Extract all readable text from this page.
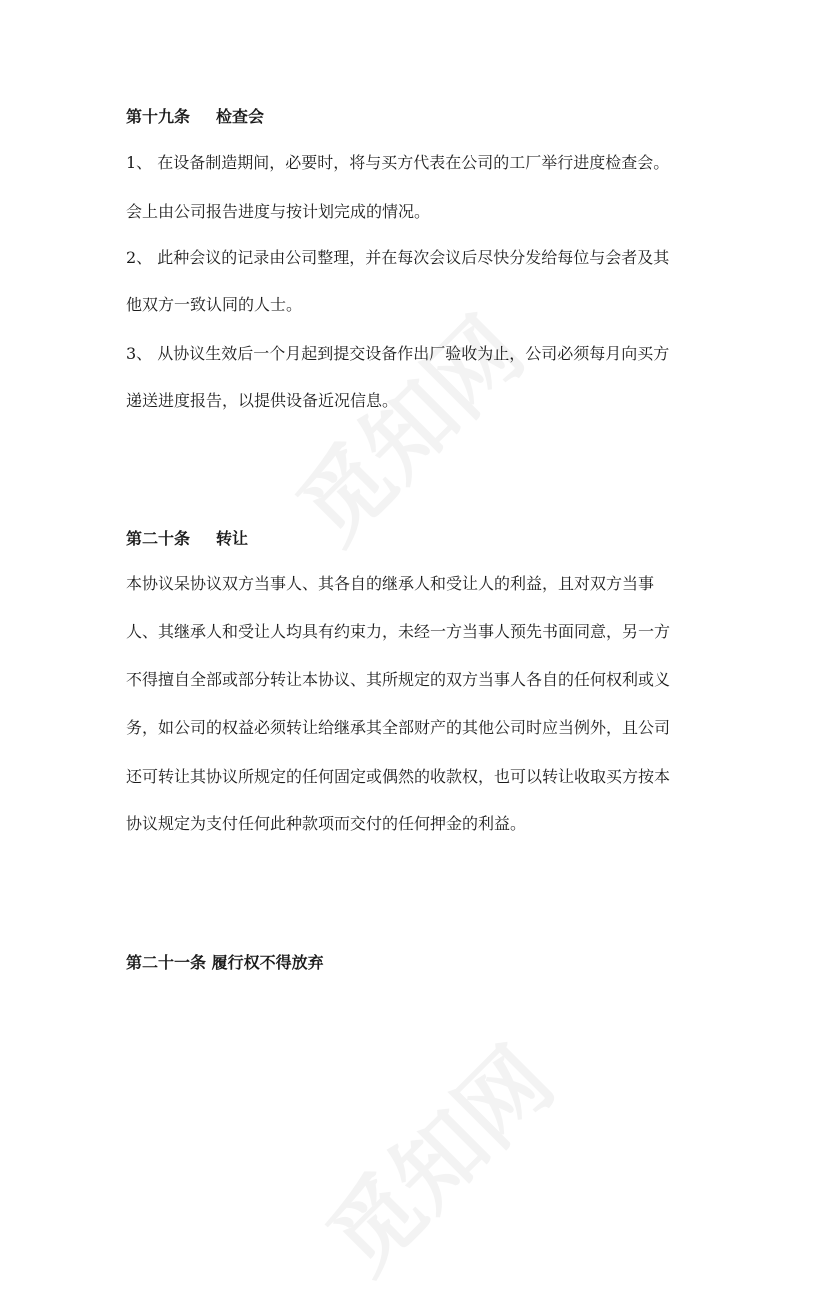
第十九条 检查会

1、 在设备制造期间，必要时，将与买方代表在公司的工厂举行进度检查会。

会上由公司报告进度与按计划完成的情况。

2、 此种会议的记录由公司整理，并在每次会议后尽快分发给每位与会者及其

他双方一致认同的人士。

3、 从协议生效后一个月起到提交设备作出厂验收为止，公司必须每月向买方

递送进度报告，以提供设备近况信息。

第二十条 转让

本协议呆协议双方当事人、其各自的继承人和受让人的利益，且对双方当事

人、其继承人和受让人均具有约束力，未经一方当事人预先书面同意，另一方

不得擅自全部或部分转让本协议、其所规定的双方当事人各自的任何权利或义

务，如公司的权益必须转让给继承其全部财产的其他公司时应当例外，且公司

还可转让其协议所规定的任何固定或偶然的收款权，也可以转让收取买方按本

协议规定为支付任何此种款项而交付的任何押金的利益。

第二十一条 履行权不得放弃
